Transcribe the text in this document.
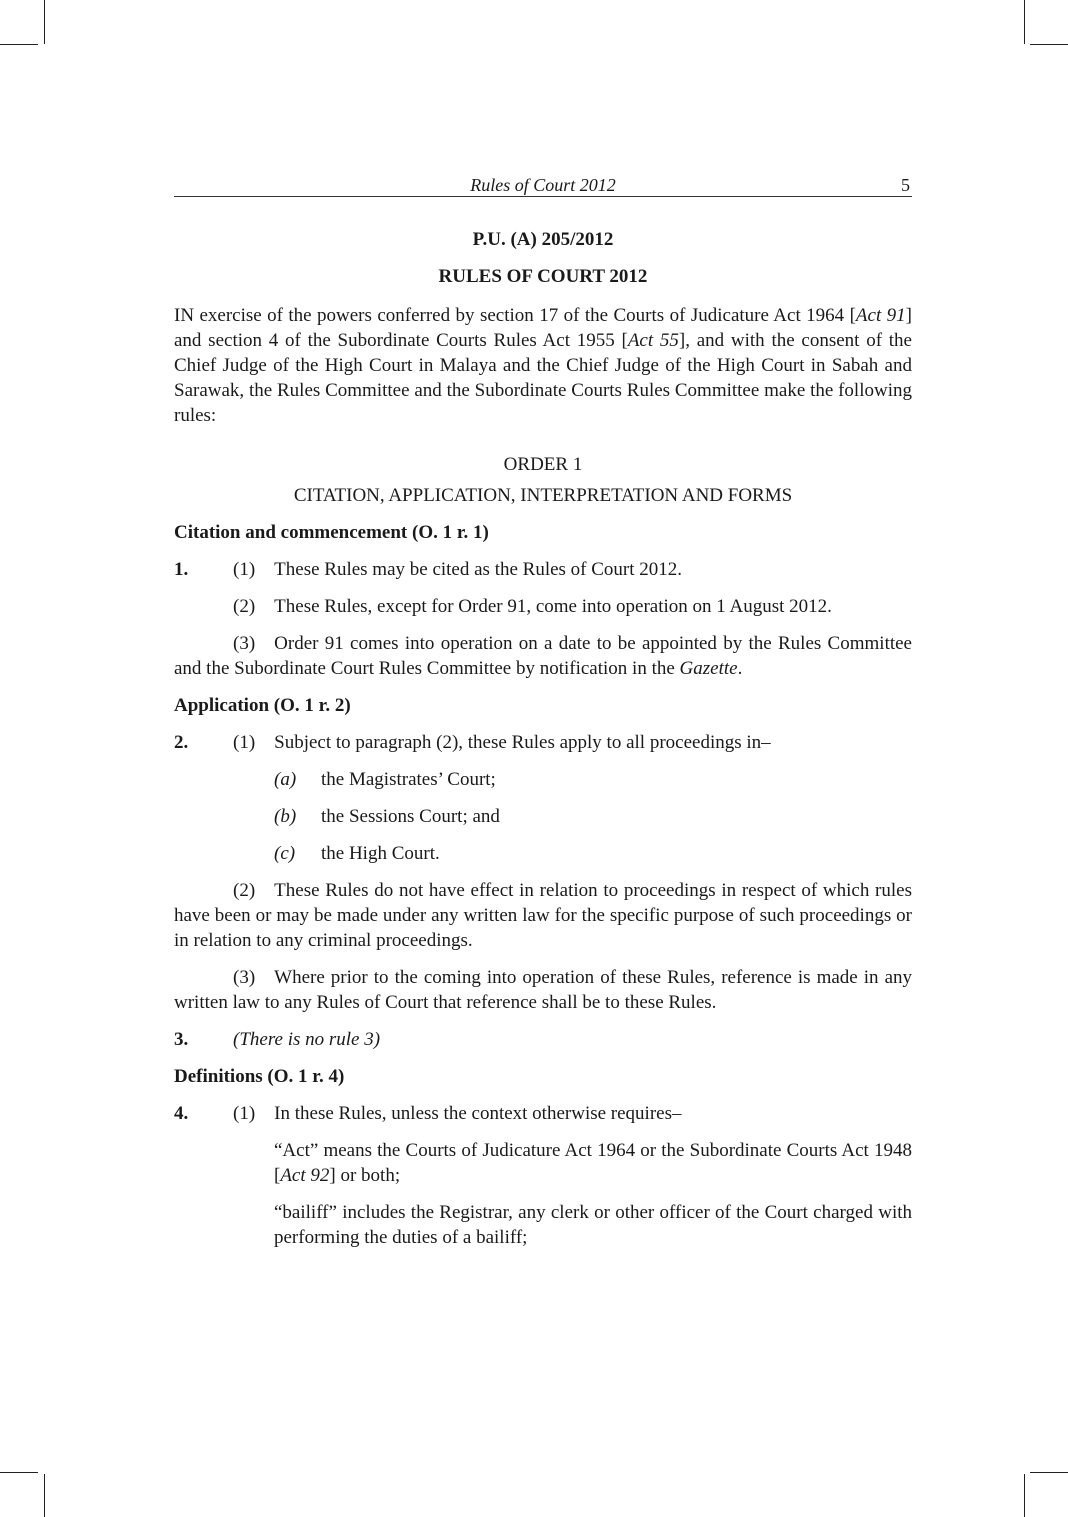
Rules of Court 2012	5
P.U. (A) 205/2012
RULES OF COURT 2012
IN exercise of the powers conferred by section 17 of the Courts of Judicature Act 1964 [Act 91] and section 4 of the Subordinate Courts Rules Act 1955 [Act 55], and with the consent of the Chief Judge of the High Court in Malaya and the Chief Judge of the High Court in Sabah and Sarawak, the Rules Committee and the Subordinate Courts Rules Committee make the following rules:
ORDER 1
CITATION, APPLICATION, INTERPRETATION AND FORMS
Citation and commencement (O. 1 r. 1)
1. (1) These Rules may be cited as the Rules of Court 2012.
(2) These Rules, except for Order 91, come into operation on 1 August 2012.
(3) Order 91 comes into operation on a date to be appointed by the Rules Committee and the Subordinate Court Rules Committee by notification in the Gazette.
Application (O. 1 r. 2)
2. (1) Subject to paragraph (2), these Rules apply to all proceedings in–
(a) the Magistrates’ Court;
(b) the Sessions Court; and
(c) the High Court.
(2) These Rules do not have effect in relation to proceedings in respect of which rules have been or may be made under any written law for the specific purpose of such proceedings or in relation to any criminal proceedings.
(3) Where prior to the coming into operation of these Rules, reference is made in any written law to any Rules of Court that reference shall be to these Rules.
3. (There is no rule 3)
Definitions (O. 1 r. 4)
4. (1) In these Rules, unless the context otherwise requires–
“Act” means the Courts of Judicature Act 1964 or the Subordinate Courts Act 1948 [Act 92] or both;
“bailiff” includes the Registrar, any clerk or other officer of the Court charged with performing the duties of a bailiff;
